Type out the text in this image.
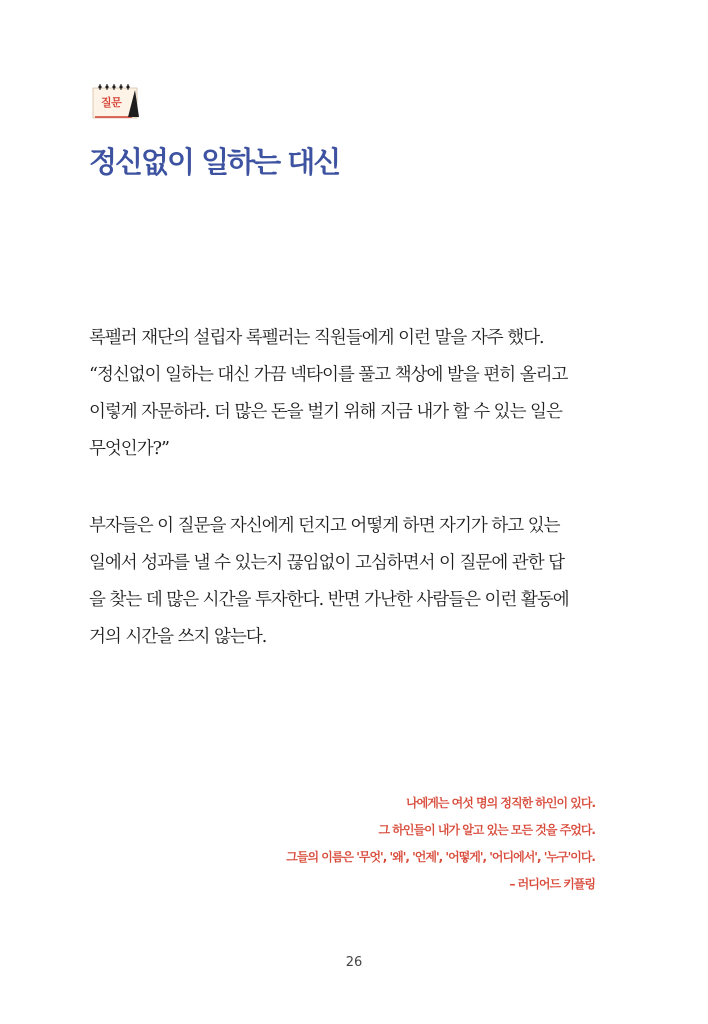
질문
정신없이 일하는 대신
록펠러 재단의 설립자 록펠러는 직원들에게 이런 말을 자주 했다.
“정신없이 일하는 대신 가끔 넥타이를 풀고 책상에 발을 편히 올리고
이렇게 자문하라. 더 많은 돈을 벌기 위해 지금 내가 할 수 있는 일은
무엇인가?”
부자들은 이 질문을 자신에게 던지고 어떻게 하면 자기가 하고 있는
일에서 성과를 낼 수 있는지 끊임없이 고심하면서 이 질문에 관한 답
을 찾는 데 많은 시간을 투자한다. 반면 가난한 사람들은 이런 활동에
거의 시간을 쓰지 않는다.
나에게는 여섯 명의 정직한 하인이 있다.
그 하인들이 내가 알고 있는 모든 것을 주었다.
그들의 이름은 '무엇', '왜', '언제', '어떻게', '어디에서', '누구'이다.
– 러디어드 키플링
26
